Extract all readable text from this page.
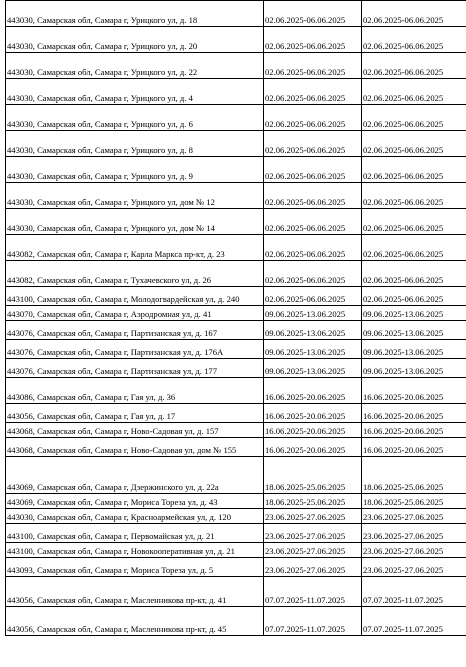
443030, Самарская обл, Самара г, Урицкого ул, д. 18	02.06.2025-06.06.2025	02.06.2025-06.06.2025
443030, Самарская обл, Самара г, Урицкого ул, д. 20	02.06.2025-06.06.2025	02.06.2025-06.06.2025
443030, Самарская обл, Самара г, Урицкого ул, д. 22	02.06.2025-06.06.2025	02.06.2025-06.06.2025
443030, Самарская обл, Самара г, Урицкого ул, д. 4	02.06.2025-06.06.2025	02.06.2025-06.06.2025
443030, Самарская обл, Самара г, Урицкого ул, д. 6	02.06.2025-06.06.2025	02.06.2025-06.06.2025
443030, Самарская обл, Самара г, Урицкого ул, д. 8	02.06.2025-06.06.2025	02.06.2025-06.06.2025
443030, Самарская обл, Самара г, Урицкого ул, д. 9	02.06.2025-06.06.2025	02.06.2025-06.06.2025
443030, Самарская обл, Самара г, Урицкого ул, дом № 12	02.06.2025-06.06.2025	02.06.2025-06.06.2025
443030, Самарская обл, Самара г, Урицкого ул, дом № 14	02.06.2025-06.06.2025	02.06.2025-06.06.2025
443082, Самарская обл, Самара г, Карла Маркса пр-кт, д. 23	02.06.2025-06.06.2025	02.06.2025-06.06.2025
443082, Самарская обл, Самара г, Тухачевского ул, д. 26	02.06.2025-06.06.2025	02.06.2025-06.06.2025
443100, Самарская обл, Самара г, Молодогвардейская ул, д. 240	02.06.2025-06.06.2025	02.06.2025-06.06.2025
443070, Самарская обл, Самара г, Аэродромная ул, д. 41	09.06.2025-13.06.2025	09.06.2025-13.06.2025
443076, Самарская обл, Самара г, Партизанская ул, д. 167	09.06.2025-13.06.2025	09.06.2025-13.06.2025
443076, Самарская обл, Самара г, Партизанская ул, д. 176А	09.06.2025-13.06.2025	09.06.2025-13.06.2025
443076, Самарская обл, Самара г, Партизанская ул, д. 177	09.06.2025-13.06.2025	09.06.2025-13.06.2025
443086, Самарская обл, Самара г, Гая ул, д. 36	16.06.2025-20.06.2025	16.06.2025-20.06.2025
443056, Самарская обл, Самара г, Гая ул, д. 17	16.06.2025-20.06.2025	16.06.2025-20.06.2025
443068, Самарская обл, Самара г, Ново-Садовая ул, д. 157	16.06.2025-20.06.2025	16.06.2025-20.06.2025
443068, Самарская обл, Самара г, Ново-Садовая ул, дом № 155	16.06.2025-20.06.2025	16.06.2025-20.06.2025
443069, Самарская обл, Самара г, Дзержинского ул, д. 22а	18.06.2025-25.06.2025	18.06.2025-25.06.2025
443069, Самарская обл, Самара г, Мориса Тореза ул, д. 43	18.06.2025-25.06.2025	18.06.2025-25.06.2025
443030, Самарская обл, Самара г, Красноармейская ул, д. 120	23.06.2025-27.06.2025	23.06.2025-27.06.2025
443100, Самарская обл, Самара г, Первомайская ул, д. 21	23.06.2025-27.06.2025	23.06.2025-27.06.2025
443100, Самарская обл, Самара г, Новокооперативная ул, д. 21	23.06.2025-27.06.2025	23.06.2025-27.06.2025
443093, Самарская обл, Самара г, Мориса Тореза ул, д. 5	23.06.2025-27.06.2025	23.06.2025-27.06.2025
443056, Самарская обл, Самара г, Масленникова пр-кт, д. 41	07.07.2025-11.07.2025	07.07.2025-11.07.2025
443056, Самарская обл, Самара г, Масленникова пр-кт, д. 45	07.07.2025-11.07.2025	07.07.2025-11.07.2025
